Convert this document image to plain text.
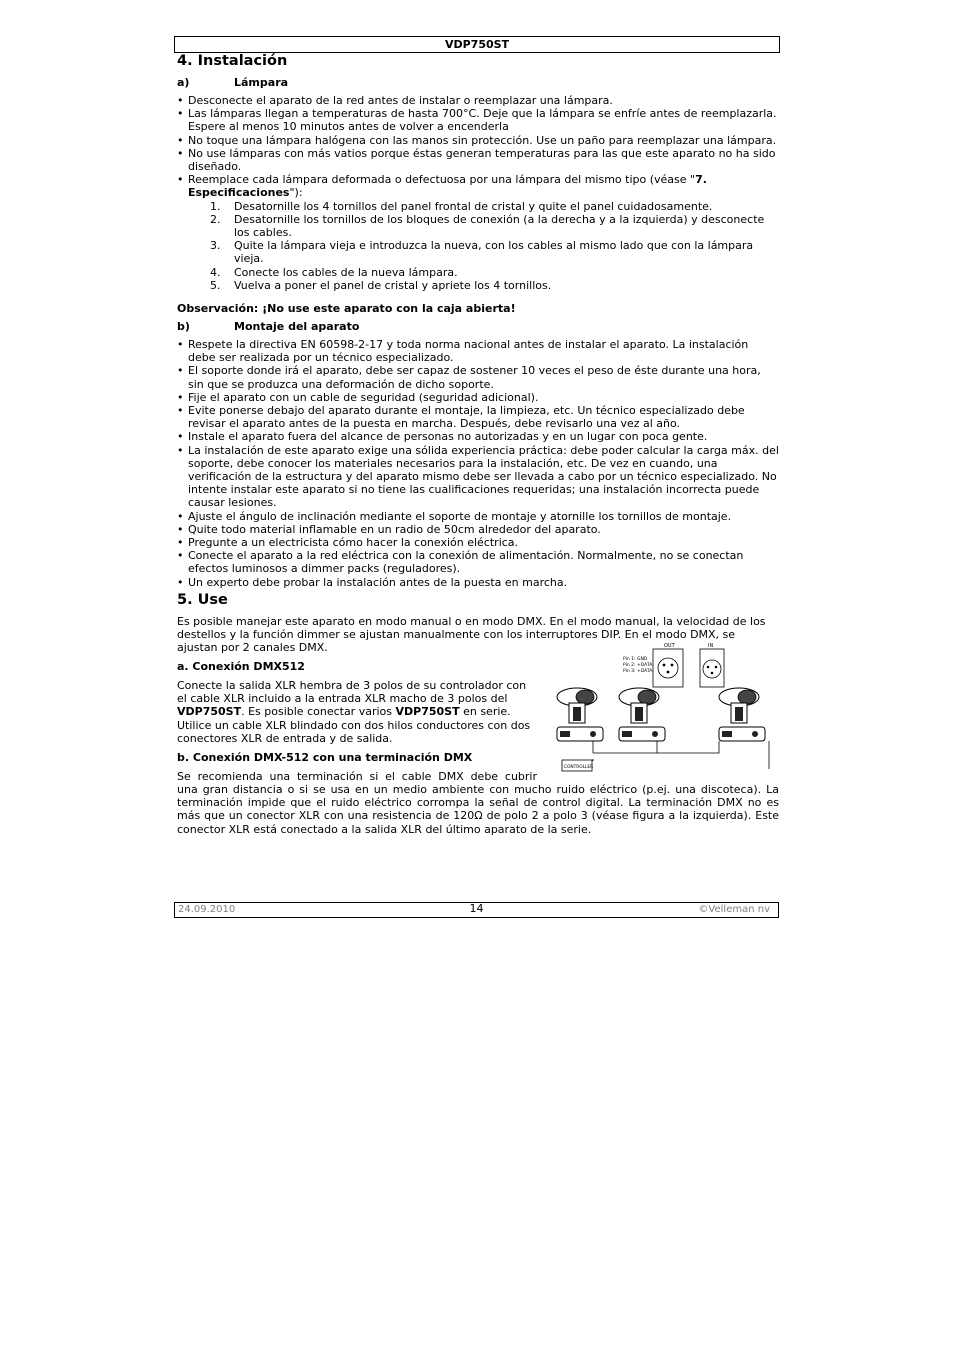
VDP750ST
4. Instalación
a)	Lámpara
• Desconecte el aparato de la red antes de instalar o reemplazar una lámpara.
• Las lámparas llegan a temperaturas de hasta 700°C. Deje que la lámpara se enfríe antes de reemplazarla. Espere al menos 10 minutos antes de volver a encenderla
• No toque una lámpara halógena con las manos sin protección. Use un paño para reemplazar una lámpara.
• No use lámparas con más vatios porque éstas generan temperaturas para las que este aparato no ha sido diseñado.
• Reemplace cada lámpara deformada o defectuosa por una lámpara del mismo tipo (véase "7. Especificaciones"):
1. Desatornille los 4 tornillos del panel frontal de cristal y quite el panel cuidadosamente.
2. Desatornille los tornillos de los bloques de conexión (a la derecha y a la izquierda) y desconecte los cables.
3. Quite la lámpara vieja e introduzca la nueva, con los cables al mismo lado que con la lámpara vieja.
4. Conecte los cables de la nueva lámpara.
5. Vuelva a poner el panel de cristal y apriete los 4 tornillos.
Observación: ¡No use este aparato con la caja abierta!
b)	Montaje del aparato
• Respete la directiva EN 60598-2-17 y toda norma nacional antes de instalar el aparato. La instalación debe ser realizada por un técnico especializado.
• El soporte donde irá el aparato, debe ser capaz de sostener 10 veces el peso de éste durante una hora, sin que se produzca una deformación de dicho soporte.
• Fije el aparato con un cable de seguridad (seguridad adicional).
• Evite ponerse debajo del aparato durante el montaje, la limpieza, etc. Un técnico especializado debe revisar el aparato antes de la puesta en marcha. Después, debe revisarlo una vez al año.
• Instale el aparato fuera del alcance de personas no autorizadas y en un lugar con poca gente.
• La instalación de este aparato exige una sólida experiencia práctica: debe poder calcular la carga máx. del soporte, debe conocer los materiales necesarios para la instalación, etc. De vez en cuando, una verificación de la estructura y del aparato mismo debe ser llevada a cabo por un técnico especializado. No intente instalar este aparato si no tiene las cualificaciones requeridas; una instalación incorrecta puede causar lesiones.
• Ajuste el ángulo de inclinación mediante el soporte de montaje y atornille los tornillos de montaje.
• Quite todo material inflamable en un radio de 50cm alrededor del aparato.
• Pregunte a un electricista cómo hacer la conexión eléctrica.
• Conecte el aparato a la red eléctrica con la conexión de alimentación. Normalmente, no se conectan efectos luminosos a dimmer packs (reguladores).
• Un experto debe probar la instalación antes de la puesta en marcha.
5. Use
Es posible manejar este aparato en modo manual o en modo DMX. En el modo manual, la velocidad de los destellos y la función dimmer se ajustan manualmente con los interruptores DIP. En el modo DMX, se ajustan por 2 canales DMX.
a. Conexión DMX512
Conecte la salida XLR hembra de 3 polos de su controlador con el cable XLR incluido a la entrada XLR macho de 3 polos del VDP750ST. Es posible conectar varios VDP750ST en serie. Utilice un cable XLR blindado con dos hilos conductores con dos conectores XLR de entrada y de salida.
b. Conexión DMX-512 con una terminación DMX
Se recomienda una terminación si el cable DMX debe cubrir
una gran distancia o si se usa en un medio ambiente con mucho ruido eléctrico (p.ej. una discoteca). La terminación impide que el ruido eléctrico corrompa la señal de control digital. La terminación DMX no es más que un conector XLR con una resistencia de 120Ω de polo 2 a polo 3 (véase figura a la izquierda). Este conector XLR está conectado a la salida XLR del último aparato de la serie.
OUT
Pin 1: GND
Pin 2: +DATA
Pin 3: +DATA
IN
CONTROLLER
24.09.2010	14	©Velleman nv
